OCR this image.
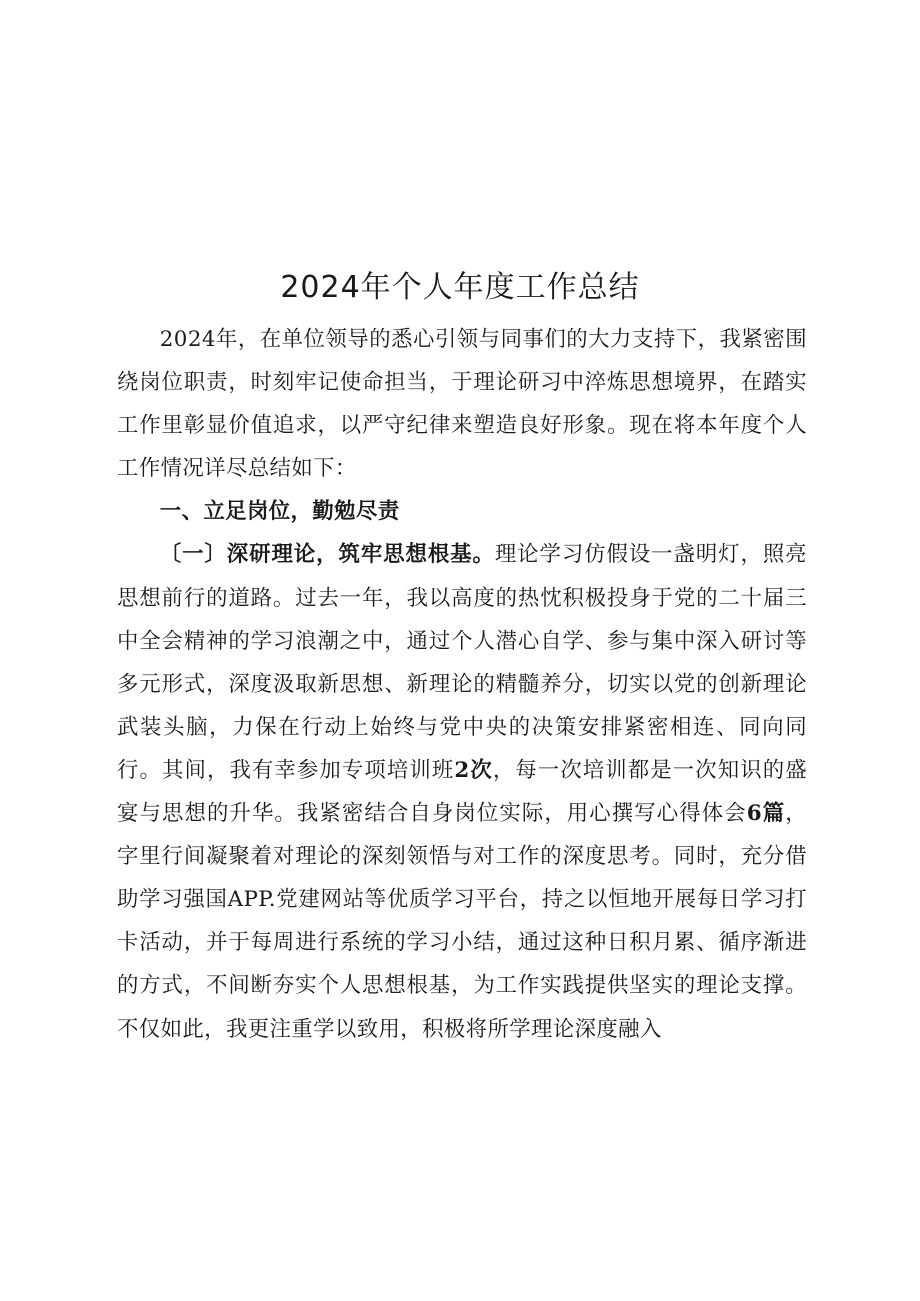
2024年个人年度工作总结

2024年，在单位领导的悉心引领与同事们的大力支持下，我紧密围绕岗位职责，时刻牢记使命担当，于理论研习中淬炼思想境界，在踏实工作里彰显价值追求，以严守纪律来塑造良好形象。现在将本年度个人工作情况详尽总结如下：

一、立足岗位，勤勉尽责

〔一〕深研理论，筑牢思想根基。理论学习仿假设一盏明灯，照亮思想前行的道路。过去一年，我以高度的热忱积极投身于党的二十届三中全会精神的学习浪潮之中，通过个人潜心自学、参与集中深入研讨等多元形式，深度汲取新思想、新理论的精髓养分，切实以党的创新理论武装头脑，力保在行动上始终与党中央的决策安排紧密相连、同向同行。其间，我有幸参加专项培训班2次，每一次培训都是一次知识的盛宴与思想的升华。我紧密结合自身岗位实际，用心撰写心得体会6篇，字里行间凝聚着对理论的深刻领悟与对工作的深度思考。同时，充分借助学习强国APP.党建网站等优质学习平台，持之以恒地开展每日学习打卡活动，并于每周进行系统的学习小结，通过这种日积月累、循序渐进的方式，不间断夯实个人思想根基，为工作实践提供坚实的理论支撑。不仅如此，我更注重学以致用，积极将所学理论深度融入
